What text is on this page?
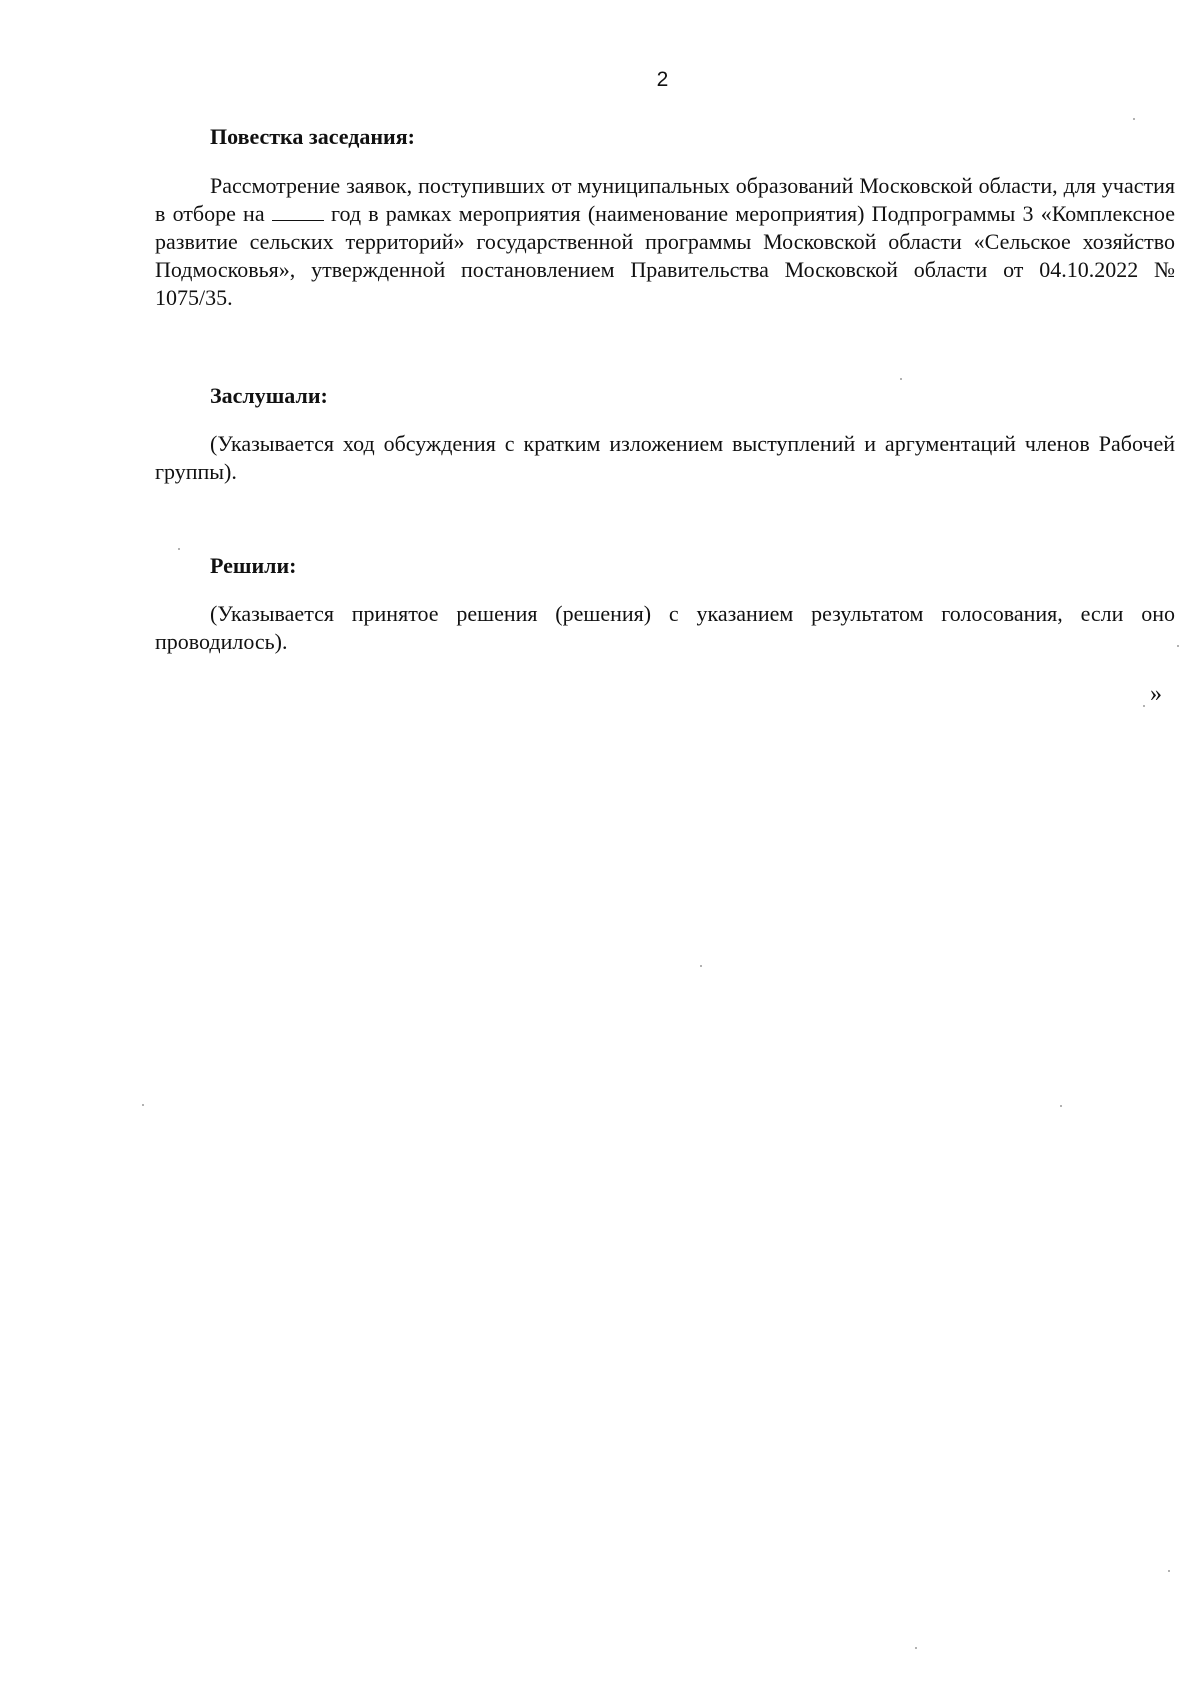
2

Повестка заседания:

Рассмотрение заявок, поступивших от муниципальных образований Московской области, для участия в отборе на	год в рамках мероприятия (наименование мероприятия) Подпрограммы 3 «Комплексное развитие сельских территорий» государственной программы Московской области «Сельское хозяйство Подмосковья», утвержденной постановлением Правительства Московской области от 04.10.2022 № 1075/35.

Заслушали:

(Указывается ход обсуждения с кратким изложением выступлений и аргументаций членов Рабочей группы).

Решили:

(Указывается принятое решения (решения) с указанием результатом голосования, если оно проводилось).

»
